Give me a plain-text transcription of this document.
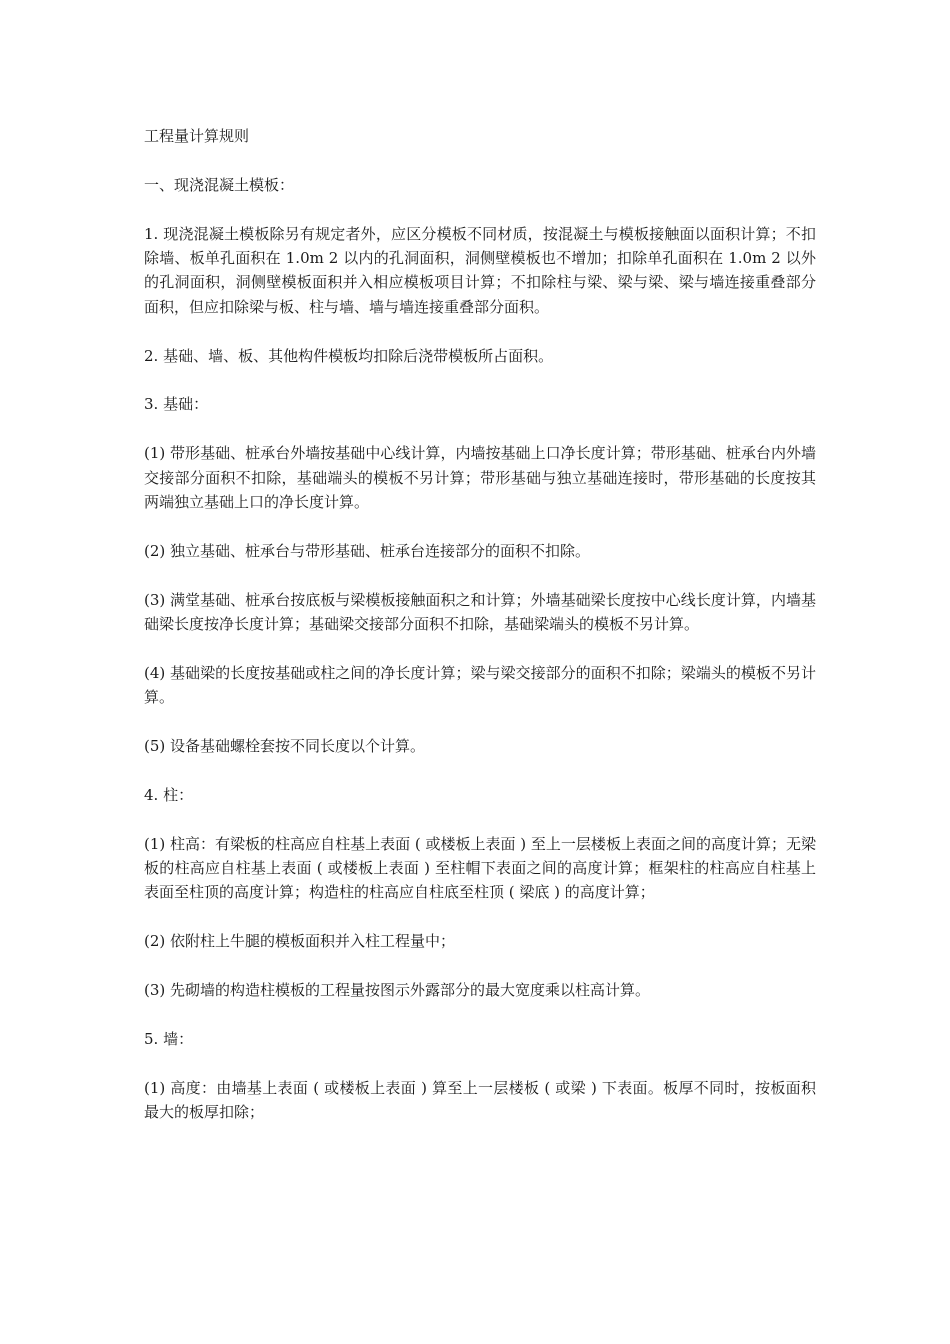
工程量计算规则

一、现浇混凝土模板：

1. 现浇混凝土模板除另有规定者外，应区分模板不同材质，按混凝土与模板接触面以面积计算；不扣除墙、板单孔面积在 1.0m 2 以内的孔洞面积，洞侧壁模板也不增加；扣除单孔面积在 1.0m 2 以外的孔洞面积，洞侧壁模板面积并入相应模板项目计算；不扣除柱与梁、梁与梁、梁与墙连接重叠部分面积，但应扣除梁与板、柱与墙、墙与墙连接重叠部分面积。

2. 基础、墙、板、其他构件模板均扣除后浇带模板所占面积。

3. 基础：

(1) 带形基础、桩承台外墙按基础中心线计算，内墙按基础上口净长度计算；带形基础、桩承台内外墙交接部分面积不扣除，基础端头的模板不另计算；带形基础与独立基础连接时，带形基础的长度按其两端独立基础上口的净长度计算。

(2) 独立基础、桩承台与带形基础、桩承台连接部分的面积不扣除。

(3) 满堂基础、桩承台按底板与梁模板接触面积之和计算；外墙基础梁长度按中心线长度计算，内墙基础梁长度按净长度计算；基础梁交接部分面积不扣除，基础梁端头的模板不另计算。

(4) 基础梁的长度按基础或柱之间的净长度计算；梁与梁交接部分的面积不扣除；梁端头的模板不另计算。

(5) 设备基础螺栓套按不同长度以个计算。

4. 柱：

(1) 柱高：有梁板的柱高应自柱基上表面 ( 或楼板上表面 ) 至上一层楼板上表面之间的高度计算；无梁板的柱高应自柱基上表面 ( 或楼板上表面 ) 至柱帽下表面之间的高度计算；框架柱的柱高应自柱基上表面至柱顶的高度计算；构造柱的柱高应自柱底至柱顶 ( 梁底 ) 的高度计算；

(2) 依附柱上牛腿的模板面积并入柱工程量中；

(3) 先砌墙的构造柱模板的工程量按图示外露部分的最大宽度乘以柱高计算。

5. 墙：

(1) 高度：由墙基上表面 ( 或楼板上表面 ) 算至上一层楼板 ( 或梁 ) 下表面。板厚不同时，按板面积最大的板厚扣除；
